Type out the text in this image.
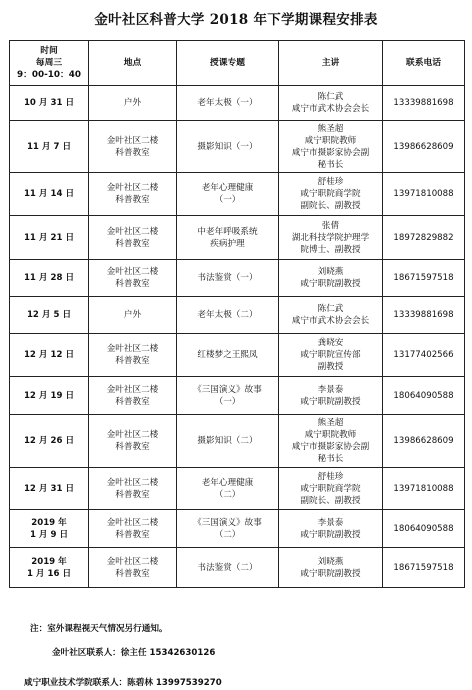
金叶社区科普大学 2018 年下学期课程安排表
时间
每周三
9：00-10：40	地点	授课专题	主讲	联系电话

10 月 31 日	户外	老年太极（一）	陈仁武
咸宁市武术协会会长	13339881698

11 月 7 日	金叶社区二楼
科普教室	摄影知识（一）	熊圣超
咸宁职院教师
咸宁市摄影家协会副
秘书长	13986628609

11 月 14 日	金叶社区二楼
科普教室	老年心理健康
（一）	舒桂珍
咸宁职院商学院
副院长、副教授	13971810088

11 月 21 日	金叶社区二楼
科普教室	中老年呼吸系统
疾病护理	张倩
湖北科技学院护理学
院博士、副教授	18972829882

11 月 28 日	金叶社区二楼
科普教室	书法鉴赏（一）	刘晓燕
咸宁职院副教授	18671597518

12 月 5 日	户外	老年太极（二）	陈仁武
咸宁市武术协会会长	13339881698

12 月 12 日	金叶社区二楼
科普教室	红楼梦之王熙凤	龚晓安
咸宁职院宣传部
副教授	13177402566

12 月 19 日	金叶社区二楼
科普教室	《三国演义》故事
（一）	李景泰
咸宁职院副教授	18064090588

12 月 26 日	金叶社区二楼
科普教室	摄影知识（二）	熊圣超
咸宁职院教师
咸宁市摄影家协会副
秘书长	13986628609

12 月 31 日	金叶社区二楼
科普教室	老年心理健康
（二）	舒桂珍
咸宁职院商学院
副院长、副教授	13971810088

2019 年
1 月 9 日	金叶社区二楼
科普教室	《三国演义》故事
（二）	李景泰
咸宁职院副教授	18064090588

2019 年
1 月 16 日	金叶社区二楼
科普教室	书法鉴赏（二）	刘晓燕
咸宁职院副教授	18671597518
注：室外课程视天气情况另行通知。
金叶社区联系人：徐主任 15342630126
咸宁职业技术学院联系人：陈碧林 13997539270
